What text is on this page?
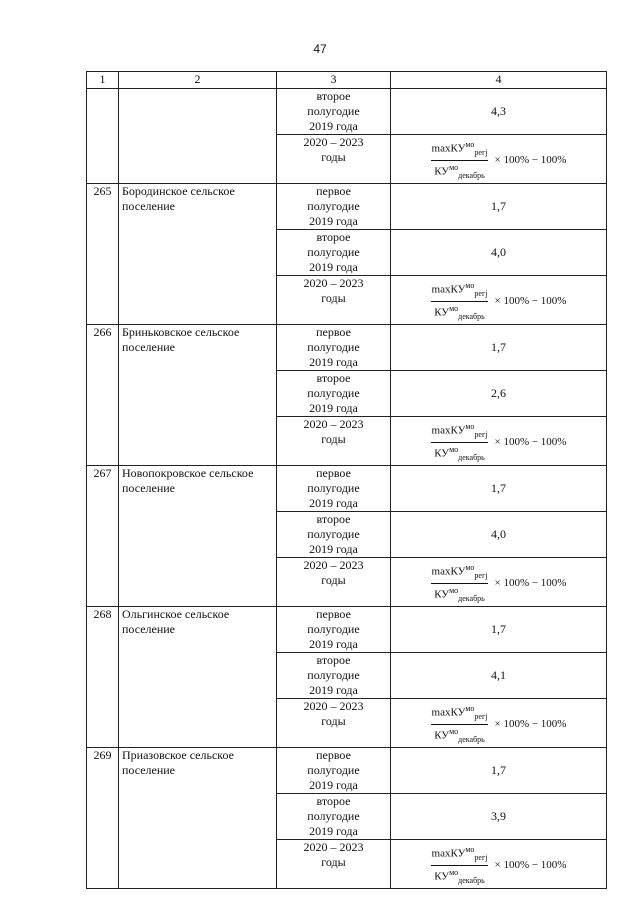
47
1	2	3	4
		второе полугодие 2019 года	4,3
		2020 – 2023 годы	$\frac{\max КУ^{мо}_{регj}}{КУ^{мо}_{декабрь}} \times 100\% - 100\%$

265	Бородинское сельское поселение	первое полугодие 2019 года	1,7
		второе полугодие 2019 года	4,0
		2020 – 2023 годы	$\frac{\max КУ^{мо}_{регj}}{КУ^{мо}_{декабрь}} \times 100\% - 100\%$

266	Бриньковское сельское поселение	первое полугодие 2019 года	1,7
		второе полугодие 2019 года	2,6
		2020 – 2023 годы	$\frac{\max КУ^{мо}_{регj}}{КУ^{мо}_{декабрь}} \times 100\% - 100\%$

267	Новопокровское сельское поселение	первое полугодие 2019 года	1,7
		второе полугодие 2019 года	4,0
		2020 – 2023 годы	$\frac{\max КУ^{мо}_{регj}}{КУ^{мо}_{декабрь}} \times 100\% - 100\%$

268	Ольгинское сельское поселение	первое полугодие 2019 года	1,7
		второе полугодие 2019 года	4,1
		2020 – 2023 годы	$\frac{\max КУ^{мо}_{регj}}{КУ^{мо}_{декабрь}} \times 100\% - 100\%$

269	Приазовское сельское поселение	первое полугодие 2019 года	1,7
		второе полугодие 2019 года	3,9
		2020 – 2023 годы	$\frac{\max КУ^{мо}_{регj}}{КУ^{мо}_{декабрь}} \times 100\% - 100\%$
